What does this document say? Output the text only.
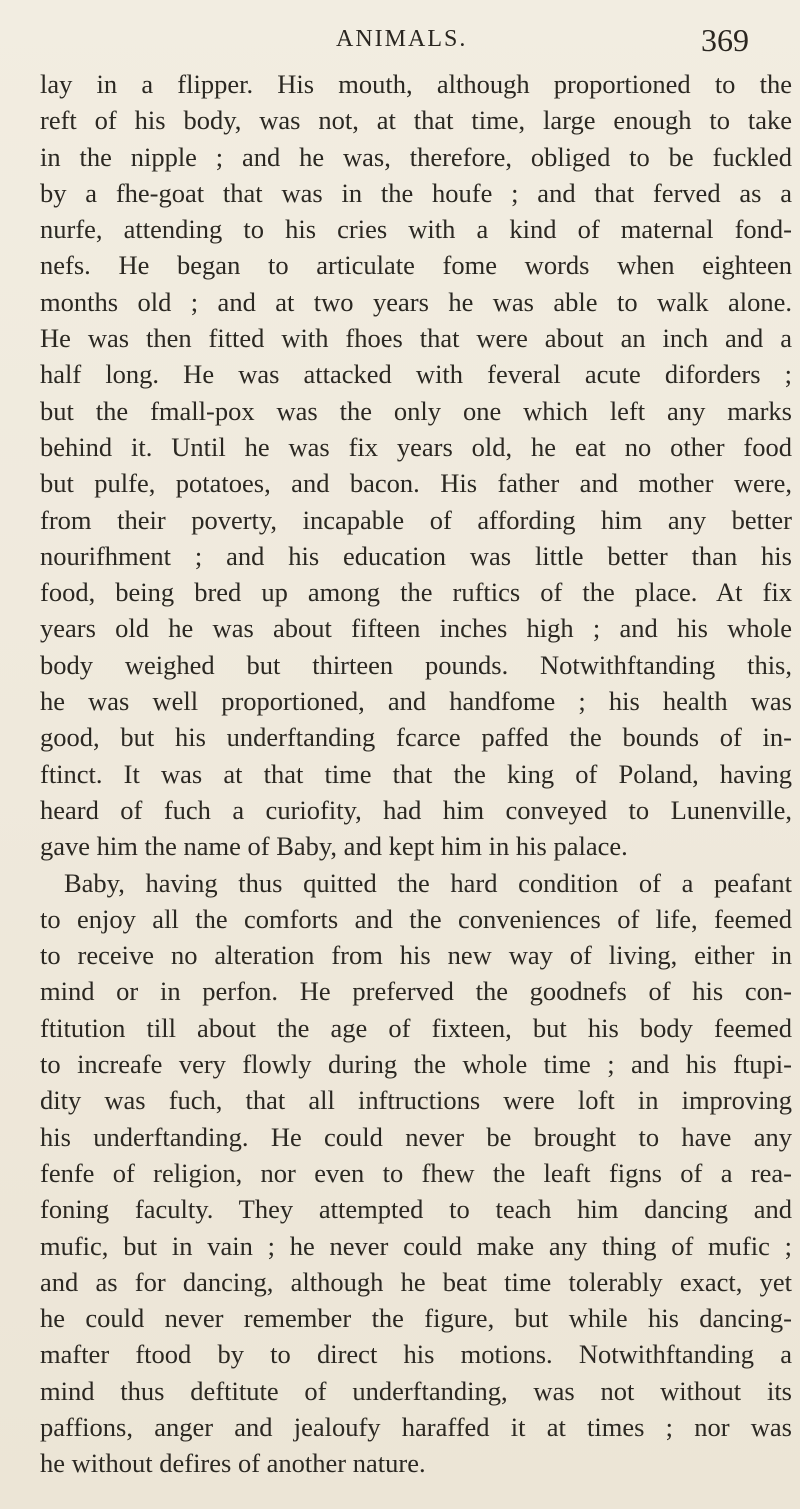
ANIMALS.	369
lay in a flipper. His mouth, although proportioned to the
reft of his body, was not, at that time, large enough to take
in the nipple ; and he was, therefore, obliged to be fuckled
by a fhe-goat that was in the houfe ; and that ferved as a
nurfe, attending to his cries with a kind of maternal fond-
nefs. He began to articulate fome words when eighteen
months old ; and at two years he was able to walk alone.
He was then fitted with fhoes that were about an inch and a
half long. He was attacked with feveral acute diforders ;
but the fmall-pox was the only one which left any marks
behind it. Until he was fix years old, he eat no other food
but pulfe, potatoes, and bacon. His father and mother were,
from their poverty, incapable of affording him any better
nourifhment ; and his education was little better than his
food, being bred up among the ruftics of the place. At fix
years old he was about fifteen inches high ; and his whole
body weighed but thirteen pounds. Notwithftanding this,
he was well proportioned, and handfome ; his health was
good, but his underftanding fcarce paffed the bounds of in-
ftinct. It was at that time that the king of Poland, having
heard of fuch a curiofity, had him conveyed to Lunenville,
gave him the name of Baby, and kept him in his palace.
Baby, having thus quitted the hard condition of a peafant
to enjoy all the comforts and the conveniences of life, feemed
to receive no alteration from his new way of living, either in
mind or in perfon. He preferved the goodnefs of his con-
ftitution till about the age of fixteen, but his body feemed
to increafe very flowly during the whole time ; and his ftupi-
dity was fuch, that all inftructions were loft in improving
his underftanding. He could never be brought to have any
fenfe of religion, nor even to fhew the leaft figns of a rea-
foning faculty. They attempted to teach him dancing and
mufic, but in vain ; he never could make any thing of mufic ;
and as for dancing, although he beat time tolerably exact, yet
he could never remember the figure, but while his dancing-
mafter ftood by to direct his motions. Notwithftanding a
mind thus deftitute of underftanding, was not without its
paffions, anger and jealoufy haraffed it at times ; nor was
he without defires of another nature.
